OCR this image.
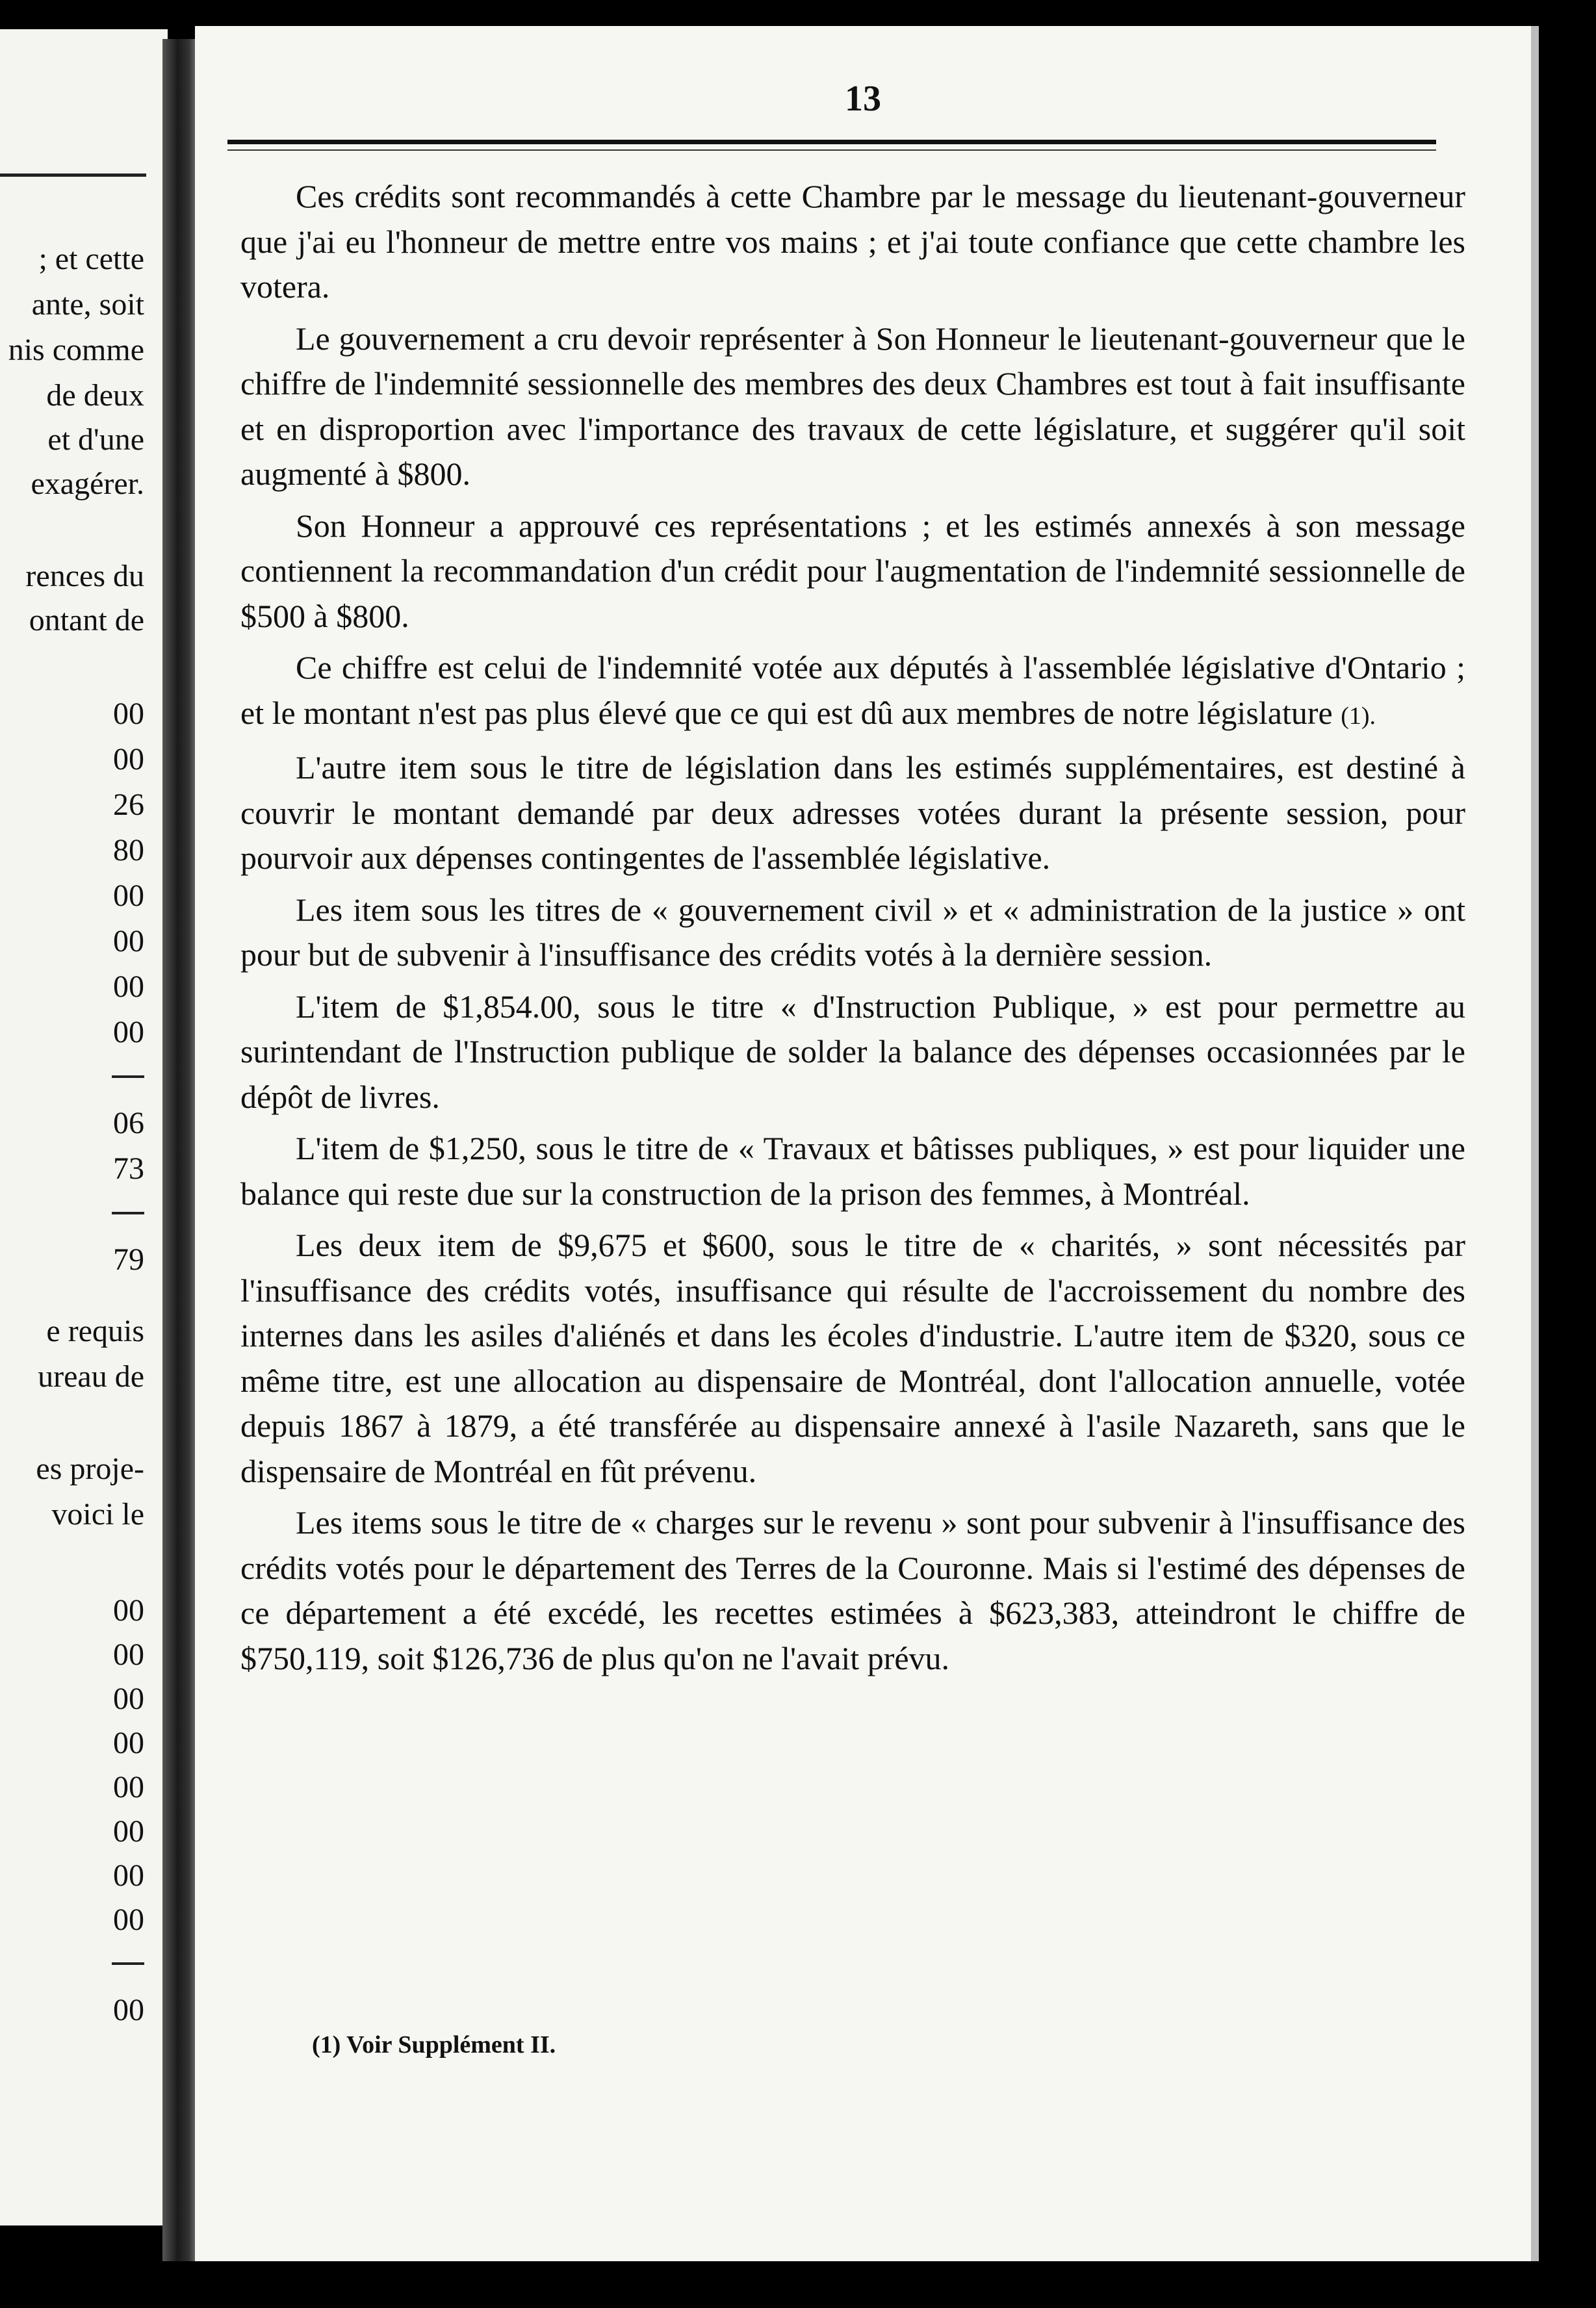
; et cette
ante, soit
nis comme
de deux
et d'une
exagérer.
rences du
ontant de
00
00
26
80
00
00
00
00
06
73
79
e requis
ureau de
es proje-
voici le
00
00
00
00
00
00
00
00
00
13

Ces crédits sont recommandés à cette Chambre par le message du lieutenant-gouverneur que j'ai eu l'honneur de mettre entre vos mains ; et j'ai toute confiance que cette chambre les votera.

Le gouvernement a cru devoir représenter à Son Honneur le lieutenant-gouverneur que le chiffre de l'indemnité sessionnelle des membres des deux Chambres est tout à fait insuffisante et en disproportion avec l'importance des travaux de cette législature, et suggérer qu'il soit augmenté à $800.

Son Honneur a approuvé ces représentations ; et les estimés annexés à son message contiennent la recommandation d'un crédit pour l'augmentation de l'indemnité sessionnelle de $500 à $800.

Ce chiffre est celui de l'indemnité votée aux députés à l'assemblée législative d'Ontario ; et le montant n'est pas plus élevé que ce qui est dû aux membres de notre législature (1).

L'autre item sous le titre de législation dans les estimés supplémentaires, est destiné à couvrir le montant demandé par deux adresses votées durant la présente session, pour pourvoir aux dépenses contingentes de l'assemblée législative.

Les item sous les titres de « gouvernement civil » et « administration de la justice » ont pour but de subvenir à l'insuffisance des crédits votés à la dernière session.

L'item de $1,854.00, sous le titre « d'Instruction Publique, » est pour permettre au surintendant de l'Instruction publique de solder la balance des dépenses occasionnées par le dépôt de livres.

L'item de $1,250, sous le titre de « Travaux et bâtisses publiques, » est pour liquider une balance qui reste due sur la construction de la prison des femmes, à Montréal.

Les deux item de $9,675 et $600, sous le titre de « charités, » sont nécessités par l'insuffisance des crédits votés, insuffisance qui résulte de l'accroissement du nombre des internes dans les asiles d'aliénés et dans les écoles d'industrie. L'autre item de $320, sous ce même titre, est une allocation au dispensaire de Montréal, dont l'allocation annuelle, votée depuis 1867 à 1879, a été transférée au dispensaire annexé à l'asile Nazareth, sans que le dispensaire de Montréal en fût prévenu.

Les items sous le titre de « charges sur le revenu » sont pour subvenir à l'insuffisance des crédits votés pour le département des Terres de la Couronne. Mais si l'estimé des dépenses de ce département a été excédé, les recettes estimées à $623,383, atteindront le chiffre de $750,119, soit $126,736 de plus qu'on ne l'avait prévu.

(1) Voir Supplément II.
